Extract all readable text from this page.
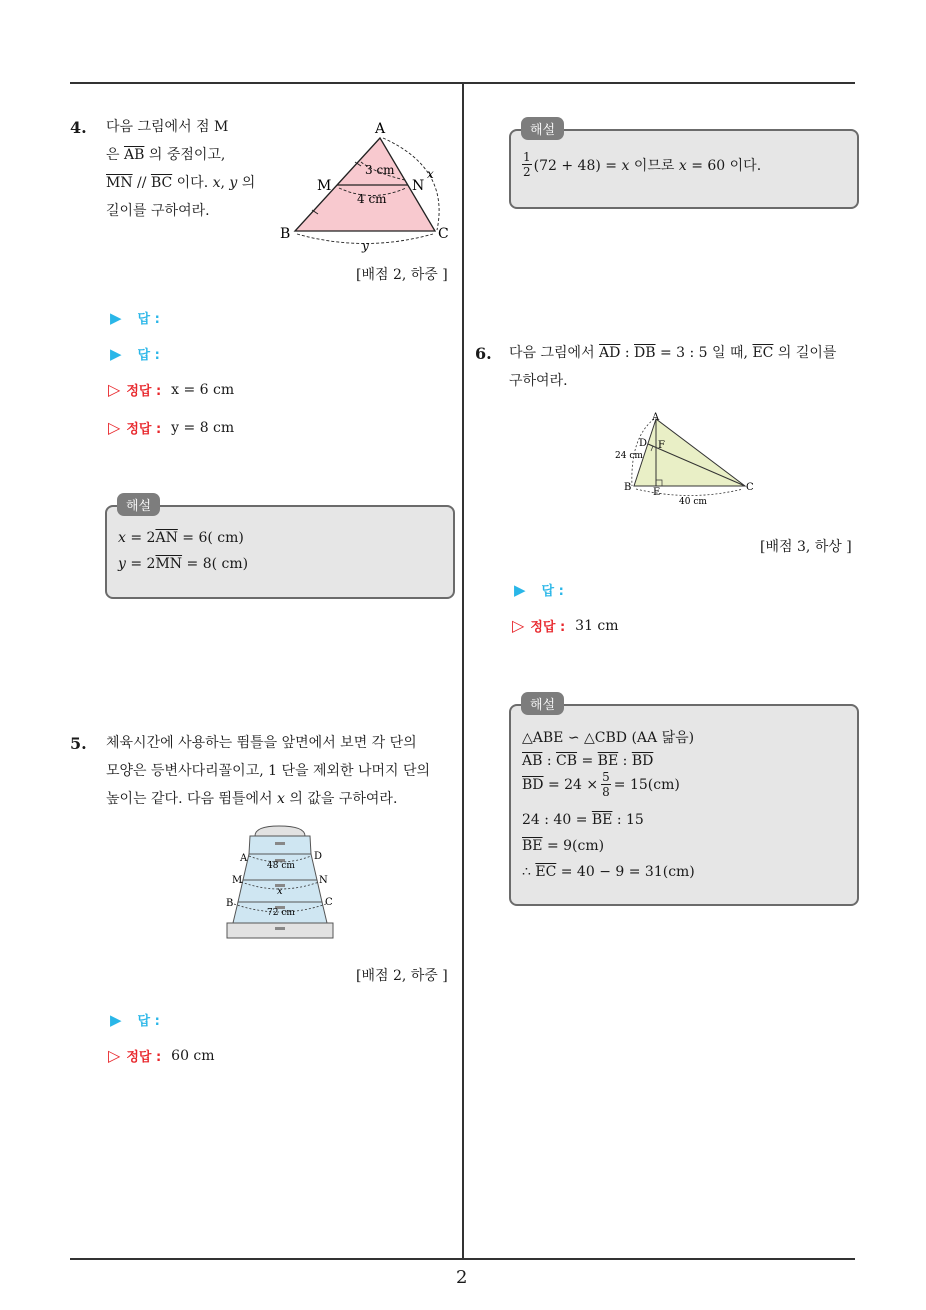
4. 다음 그림에서 점 M
은 $\overline{AB}$ 의 중점이고,
$\overline{MN} // \overline{BC}$ 이다. x, y 의
길이를 구하여라.
A
M	N
B	C
3 cm
4 cm
x
y
[배점 2, 하중 ]
▶ 답 :
▶ 답 :
▷ 정답 : x = 6 cm
▷ 정답 : y = 8 cm
해설
$x = 2\overline{AN} = 6$( cm)
$y = 2\overline{MN} = 8$( cm)
5. 체육시간에 사용하는 뜀틀을 앞면에서 보면 각 단의
모양은 등변사다리꼴이고, 1 단을 제외한 나머지 단의
높이는 같다. 다음 뜀틀에서 x 의 값을 구하여라.
A	D
M	N
B	C
48 cm
x
72 cm
[배점 2, 하중 ]
▶ 답 :
▷ 정답 : 60 cm
해설
1
2 (72 + 48) = x 이므로 x = 60 이다.
6. 다음 그림에서 $\overline{AD}$ : $\overline{DB} = 3$ : 5 일 때, $\overline{EC}$ 의 길이를
구하여라.
A
D F
B E	C
24 cm
40 cm
[배점 3, 하상 ]
▶ 답 :
▷ 정답 : 31 cm
해설
△ABE ∽ △CBD (AA 닮음)
$\overline{AB}$ : $\overline{CB} = \overline{BE}$ : $\overline{BD}$
$\overline{BD} = 24 \times \frac{5}{8} = 15(cm)$
24 : $40 = \overline{BE}$ : 15
$\overline{BE} = 9(cm)$
∴ $\overline{EC} = 40 - 9 = 31(cm)$
2
